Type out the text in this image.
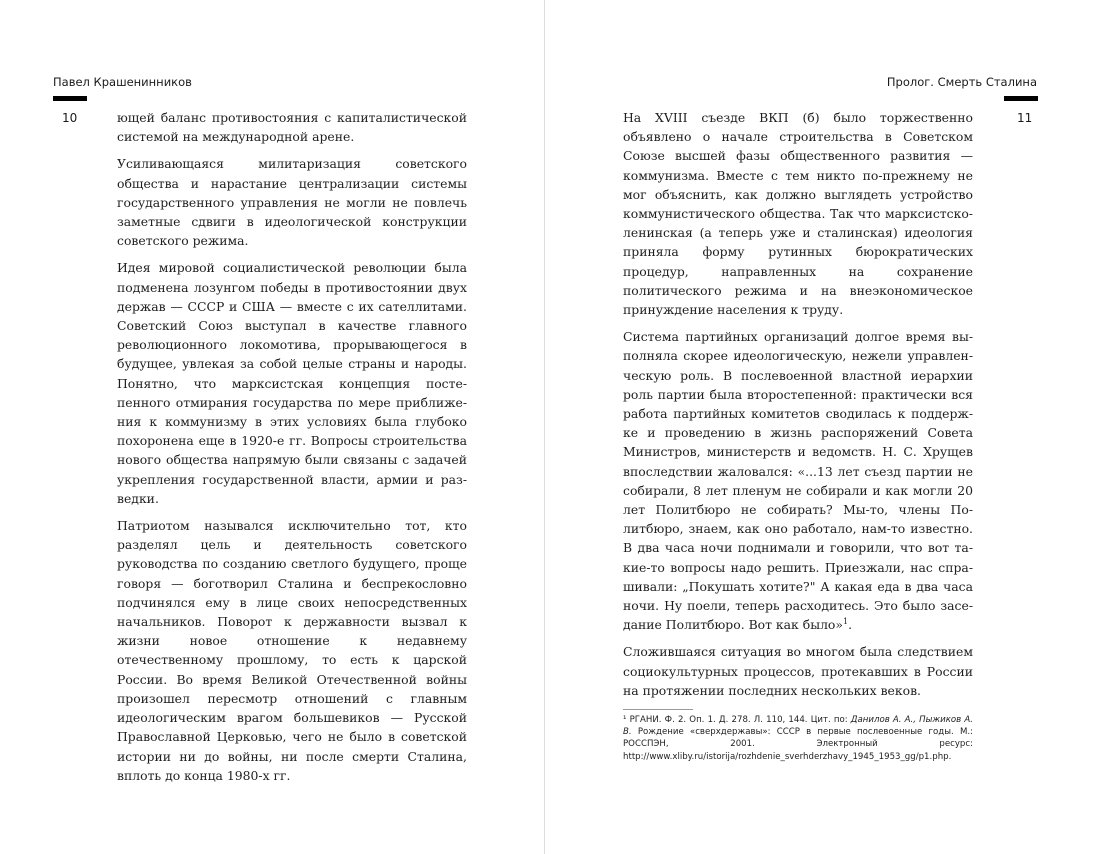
Павел Крашенинников
10	ющей баланс противостояния с капиталистической системой на международной арене.

Усиливающаяся милитаризация советского общества и нарастание централизации системы государственного управления не могли не повлечь заметные сдвиги в идеологической конструкции советского режима.

Идея мировой социалистической революции была подменена лозунгом победы в противостоянии двух держав — СССР и США — вместе с их сателлитами. Советский Союз выступал в качестве главного революционного локомотива, прорывающегося в будущее, увлекая за собой целые страны и народы. Понятно, что марксистская концепция постепенного отмирания государства по мере приближения к коммунизму в этих условиях была глубоко похоронена еще в 1920-е гг. Вопросы строительства нового общества напрямую были связаны с задачей укрепления государственной власти, армии и разведки.

Патриотом назывался исключительно тот, кто разделял цель и деятельность советского руководства по созданию светлого будущего, проще говоря — боготворил Сталина и беспрекословно подчинялся ему в лице своих непосредственных начальников. Поворот к державности вызвал к жизни новое отношение к недавнему отечественному прошлому, то есть к царской России. Во время Великой Отечественной войны произошел пересмотр отношений с главным идеологическим врагом большевиков — Русской Православной Церковью, чего не было в советской истории ни до войны, ни после смерти Сталина, вплоть до конца 1980-х гг.

Пролог. Смерть Сталина
11

На XVIII съезде ВКП (б) было торжественно объявлено о начале строительства в Советском Союзе высшей фазы общественного развития — коммунизма. Вместе с тем никто по-прежнему не мог объяснить, как должно выглядеть устройство коммунистического общества. Так что марксистско-ленинская (а теперь уже и сталинская) идеология приняла форму рутинных бюрократических процедур, направленных на сохранение политического режима и на внеэкономическое принуждение населения к труду.

Система партийных организаций долгое время выполняла скорее идеологическую, нежели управленческую роль. В послевоенной властной иерархии роль партии была второстепенной: практически вся работа партийных комитетов сводилась к поддержке и проведению в жизнь распоряжений Совета Министров, министерств и ведомств. Н. С. Хрущев впоследствии жаловался: «...13 лет съезд партии не собирали, 8 лет пленум не собирали и как могли 20 лет Политбюро не собирать? Мы-то, члены Политбюро, знаем, как оно работало, нам-то известно. В два часа ночи поднимали и говорили, что вот такие-то вопросы надо решить. Приезжали, нас спрашивали: „Покушать хотите?" А какая еда в два часа ночи. Ну поели, теперь расходитесь. Это было заседание Политбюро. Вот как было»$^1$.

Сложившаяся ситуация во многом была следствием социокультурных процессов, протекавших в России на протяжении последних нескольких веков.

¹ РГАНИ. Ф. 2. Оп. 1. Д. 278. Л. 110, 144. Цит. по: Данилов А. А., Пыжиков А. В. Рождение «сверхдержавы»: СССР в первые послевоенные годы. М.: РОССПЭН, 2001. Электронный ресурс: http://www.xliby.ru/istorija/rozhdenie_sverhderzhavy_1945_1953_gg/p1.php.
